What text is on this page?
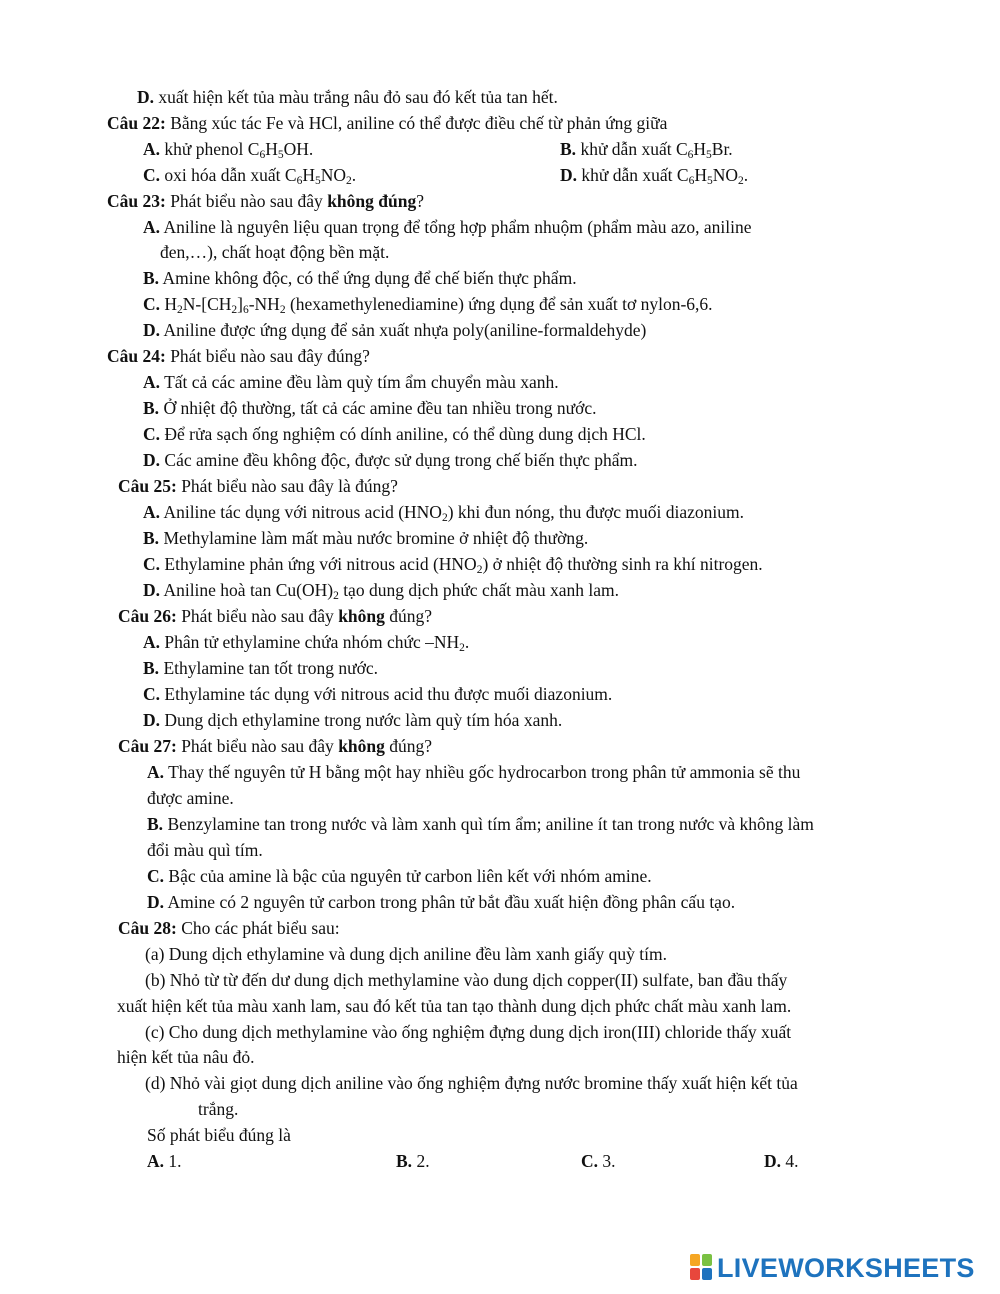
D. xuất hiện kết tủa màu trắng nâu đỏ sau đó kết tủa tan hết.
Câu 22: Bằng xúc tác Fe và HCl, aniline có thể được điều chế từ phản ứng giữa
A. khử phenol $C_6H_5OH$.	B. khử dẫn xuất $C_6H_5Br$.
C. oxi hóa dẫn xuất $C_6H_5NO_2$.	D. khử dẫn xuất $C_6H_5NO_2$.
Câu 23: Phát biểu nào sau đây không đúng?
A. Aniline là nguyên liệu quan trọng để tổng hợp phẩm nhuộm (phẩm màu azo, aniline
đen,…), chất hoạt động bền mặt.
B. Amine không độc, có thể ứng dụng để chế biến thực phẩm.
C. $H_2N-[CH_2]_6-NH_2$ (hexamethylenediamine) ứng dụng để sản xuất tơ nylon-6,6.
D. Aniline được ứng dụng để sản xuất nhựa poly(aniline-formaldehyde)
Câu 24: Phát biểu nào sau đây đúng?
A. Tất cả các amine đều làm quỳ tím ẩm chuyển màu xanh.
B. Ở nhiệt độ thường, tất cả các amine đều tan nhiều trong nước.
C. Để rửa sạch ống nghiệm có dính aniline, có thể dùng dung dịch HCl.
D. Các amine đều không độc, được sử dụng trong chế biến thực phẩm.
Câu 25: Phát biểu nào sau đây là đúng?
A. Aniline tác dụng với nitrous acid $(HNO_2)$ khi đun nóng, thu được muối diazonium.
B. Methylamine làm mất màu nước bromine ở nhiệt độ thường.
C. Ethylamine phản ứng với nitrous acid $(HNO_2)$ ở nhiệt độ thường sinh ra khí nitrogen.
D. Aniline hoà $\tan Cu(OH)_2$ tạo dung dịch phức chất màu xanh lam.
Câu 26: Phát biểu nào sau đây không đúng?
A. Phân tử ethylamine chứa nhóm chức $-NH_2$.
B. Ethylamine tan tốt trong nước.
C. Ethylamine tác dụng với nitrous acid thu được muối diazonium.
D. Dung dịch ethylamine trong nước làm quỳ tím hóa xanh.
Câu 27: Phát biểu nào sau đây không đúng?
A. Thay thế nguyên tử H bằng một hay nhiều gốc hydrocarbon trong phân tử ammonia sẽ thu
được amine.
B. Benzylamine tan trong nước và làm xanh quì tím ẩm; aniline ít tan trong nước và không làm
đổi màu quì tím.
C. Bậc của amine là bậc của nguyên tử carbon liên kết với nhóm amine.
D. Amine có 2 nguyên tử carbon trong phân tử bắt đầu xuất hiện đồng phân cấu tạo.
Câu 28: Cho các phát biểu sau:
(a) Dung dịch ethylamine và dung dịch aniline đều làm xanh giấy quỳ tím.
(b) Nhỏ từ từ đến dư dung dịch methylamine vào dung dịch copper(II) sulfate, ban đầu thấy
xuất hiện kết tủa màu xanh lam, sau đó kết tủa tan tạo thành dung dịch phức chất màu xanh lam.
(c) Cho dung dịch methylamine vào ống nghiệm đựng dung dịch iron(III) chloride thấy xuất
hiện kết tủa nâu đỏ.
(d) Nhỏ vài giọt dung dịch aniline vào ống nghiệm đựng nước bromine thấy xuất hiện kết tủa
trắng.
Số phát biểu đúng là
A. 1.	B. 2.	C. 3.	D. 4.
LIVEWORKSHEETS
